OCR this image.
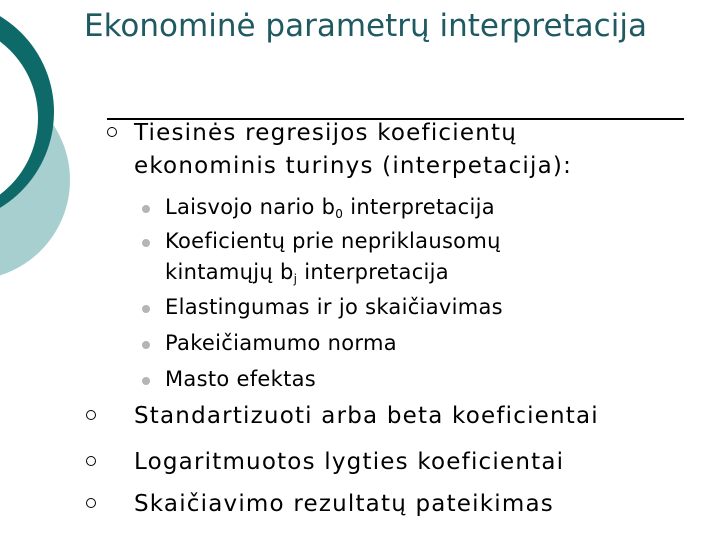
Ekonominė parametrų interpretacija
Tiesinės regresijos koeficientų
ekonominis turinys (interpetacija):
Laisvojo nario $b_0$ interpretacija
Koeficientų prie nepriklausomų
kintamųjų $b_j$ interpretacija
Elastingumas ir jo skaičiavimas
Pakeičiamumo norma
Masto efektas
Standartizuoti arba beta koeficientai
Logaritmuotos lygties koeficientai
Skaičiavimo rezultatų pateikimas
